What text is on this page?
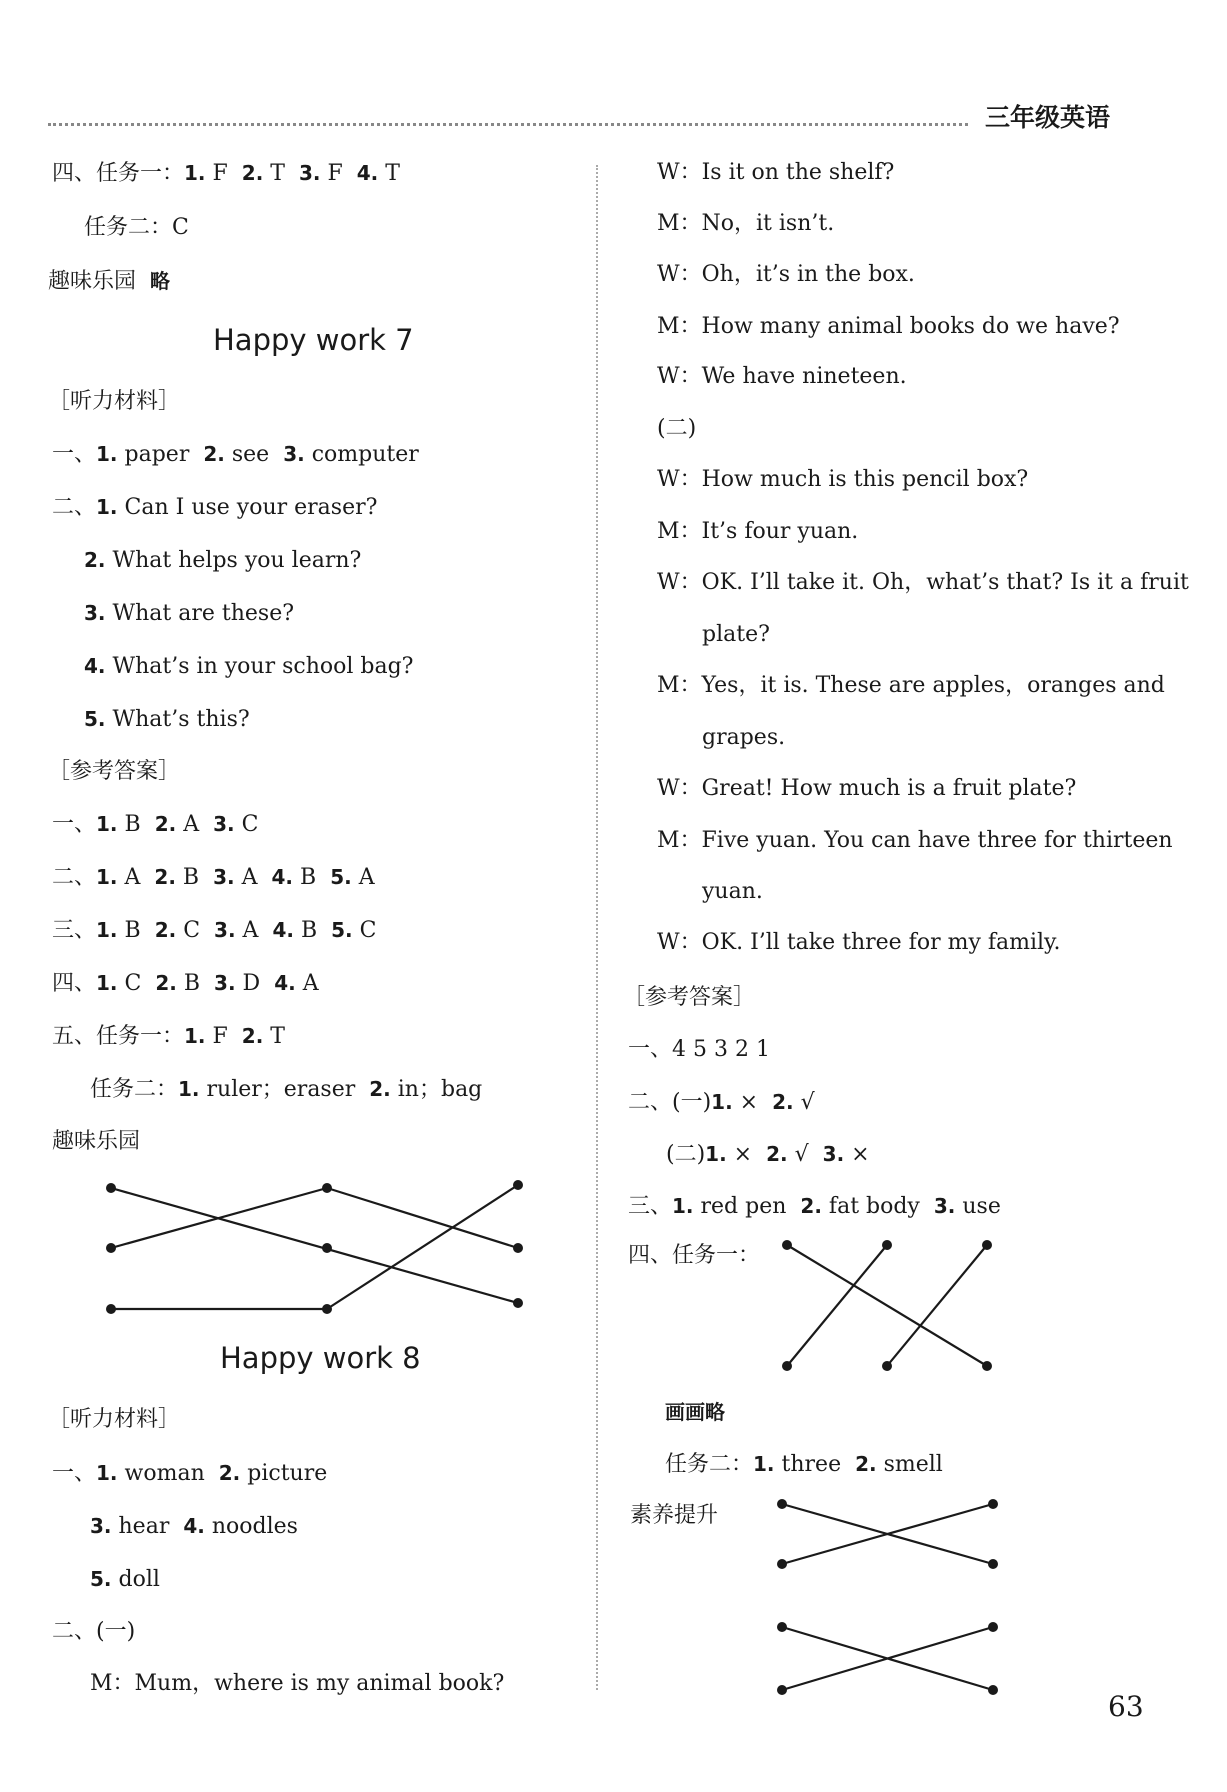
三年级英语
四、任务一：1. F 2. T 3. F 4. T
任务二：C
趣味乐园 略
Happy work 7
［听力材料］
一、1. paper 2. see 3. computer
二、1. Can I use your eraser?
2. What helps you learn?
3. What are these?
4. What’s in your school bag?
5. What’s this?
［参考答案］
一、1. B 2. A 3. C
二、1. A 2. B 3. A 4. B 5. A
三、1. B 2. C 3. A 4. B 5. C
四、1. C 2. B 3. D 4. A
五、任务一：1. F 2. T
任务二：1. ruler；eraser 2. in；bag
趣味乐园
Happy work 8
［听力材料］
一、1. woman 2. picture
3. hear 4. noodles
5. doll
二、(一)
M：Mum，where is my animal book?
W：Is it on the shelf?
M：No，it isn’t.
W：Oh，it’s in the box.
M：How many animal books do we have?
W：We have nineteen.
(二)
W：How much is this pencil box?
M：It’s four yuan.
W：OK. I’ll take it. Oh，what’s that? Is it a fruit
plate?
M：Yes，it is. These are apples，oranges and
grapes.
W：Great! How much is a fruit plate?
M：Five yuan. You can have three for thirteen
yuan.
W：OK. I’ll take three for my family.
［参考答案］
一、4 5 3 2 1
二、(一)1. × 2. √
(二)1. × 2. √ 3. ×
三、1. red pen 2. fat body 3. use
四、任务一：
画画略
任务二：1. three 2. smell
素养提升
63
